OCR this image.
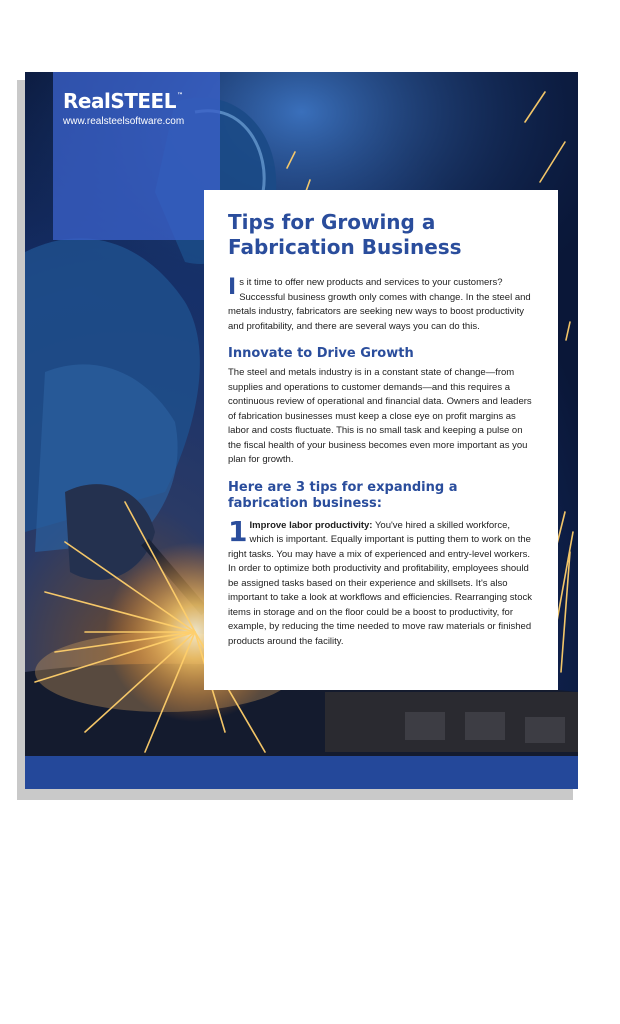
RealSTEEL™
www.realsteelsoftware.com
Tips for Growing a
Fabrication Business

Is it time to offer new products and services to your customers? Successful business growth only comes with change. In the steel and metals industry, fabricators are seeking new ways to boost productivity and profitability, and there are several ways you can do this.

Innovate to Drive Growth

The steel and metals industry is in a constant state of change—from supplies and operations to customer demands—and this requires a continuous review of operational and financial data. Owners and leaders of fabrication businesses must keep a close eye on profit margins as labor and costs fluctuate. This is no small task and keeping a pulse on the fiscal health of your business becomes even more important as you plan for growth.

Here are 3 tips for expanding a
fabrication business:

1 Improve labor productivity: You've hired a skilled workforce, which is important. Equally important is putting them to work on the right tasks. You may have a mix of experienced and entry-level workers. In order to optimize both productivity and profitability, employees should be assigned tasks based on their experience and skillsets. It's also important to take a look at workflows and efficiencies. Rearranging stock items in storage and on the floor could be a boost to productivity, for example, by reducing the time needed to move raw materials or finished products around the facility.
